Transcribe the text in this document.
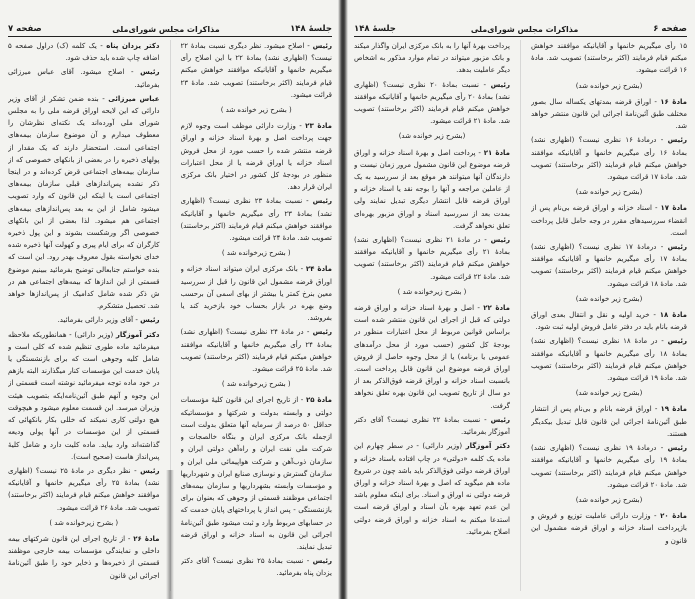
جلسهٔ ۱۴۸
مذاکرات مجلس شورای‌ملی
صفحه ۷

رئیس - اصلاح میشود. نظر دیگری نسبت بمادهٔ ۲۲ نیست؟ (اظهاری نشد) بمادهٔ ۲۲ با این اصلاح رأی میگیریم خانمها و آقایانیکه موافقند خواهش میکنم قیام فرمایند (اکثر برخاستند) تصویب شد. مادهٔ ۲۳ قرائت میشود.

( بشرح زیر خوانده شد )

مادهٔ ۲۳ - وزارت دارائی موظف است وجوه لازم جهت پرداخت اصل و بهرهٔ اسناد خزانه و اوراق قرضه منتشر شده را حسب مورد از محل فروش اسناد خزانه یا اوراق قرضه یا از محل اعتبارات منظور در بودجهٔ کل کشور در اختیار بانک مرکزی ایران قرار دهد.

رئیس - نسبت بمادهٔ ۲۳ نظری نیست؟ (اظهاری نشد) بمادهٔ ۲۳ رأی میگیریم خانمها و آقایانیکه موافقند خواهش میکنم قیام فرمایند (اکثر برخاستند) تصویب شد. مادهٔ ۲۴ قرائت میشود.

( بشرح زیرخوانده شد )

مادهٔ ۲۴ - بانک مرکزی ایران میتواند اسناد خزانه و اوراق قرضه مشمول این قانون را قبل از سررسید معین بنرخ کمتر یا بیشتر از بهای اسمی آن برحسب وضع بهره در بازار بحساب خود بازخرید کند یا بفروشد.

رئیس - در مادهٔ ۲۴ نظری نیست؟ (اظهاری نشد) بمادهٔ ۲۴ رأی میگیریم خانمها و آقایانیکه موافقند خواهش میکنم قیام فرمایند (اکثر برخاستند) تصویب شد. مادهٔ ۲۵ قرائت میشود.

( بشرح زیرخوانده شد )

مادهٔ ۲۵ - از تاریخ اجرای این قانون کلیهٔ مؤسسات دولتی و وابسته بدولت و شرکتها و مؤسساتیکه حداقل ۵۰ درصد از سرمایه آنها متعلق بدولت است ازجمله بانک مرکزی ایران و بنگاه خالصجات و شرکت ملی نفت ایران و راه‌آهن دولتی ایران و سازمان ذوب‌آهن و شرکت هواپیمائی ملی ایران و سازمان گسترش و نوسازی صنایع ایران و شهرداریها و مؤسسات وابسته بشهرداریها و سازمان بیمه‌های اجتماعی موظفند قسمتی از وجوهی که بعنوان برای بازنشستگی - پس انداز یا پرداختهای پایان خدمت که در حسابهای مربوط وارد و ثبت میشود طبق آئین‌نامهٔ اجرائی این قانون به اسناد خزانه و اوراق قرضه تبدیل نمایند.

رئیس - نسبت بمادهٔ ۲۵ نظری نیست؟ آقای دکتر یزدان پناه بفرمائید.

دکتر یزدان پناه - یک کلمه (ک) دراول صفحه ۵ اضافه چاپ شده باید حذف شود.

رئیس - اصلاح میشود. آقای عباس میرزائی بفرمائید.

عباس میرزائی - بنده ضمن تشکر از آقای وزیر دارائی که این لایحه اوراق قرضه ملی را به مجلس شورای ملی آورده‌اند یک نکته‌ای نظرشان را معطوف میدارم و آن موضوع سازمان بیمه‌های اجتماعی است. استحضار دارند که یک مقدار از پولهای ذخیره را در بعضی از بانکهای خصوصی که از سازمان بیمه‌های اجتماعی قرض کرده‌اند و در اینجا ذکر نشده پس‌اندازهای قبلی سازمان بیمه‌های اجتماعی است یا اینکه این قانون که وارد تصویب میشود شامل از این به بعد پس‌اندازهای بیمه‌های اجتماعی هم میشود. لذا بعضی از این بانکهای خصوصی اگر ورشکست بشوند و این پول ذخیره کارگران که برای ایام پیری و کهولت آنها ذخیره شده خدای نخواسته بقول معروف بهدر رود. این است که بنده خواستم جنابعالی توضیح بفرمائید ببینیم موضوع قسمتی از این اندازها که بیمه‌های اجتماعی هم در ش ذکر شده شامل کدامیک از پس‌اندازها خواهد شد. تحصیل متشکرم.

رئیس - آقای وزیر دارائی بفرمائید.

دکتر آموزگار (وزیر دارائی) - همانطوریکه ملاحظه میفرمائید ماده طوری تنظیم شده که کلی است و شامل کلیه وجوهی است که برای بازنشستگی یا پایان خدمت این مؤسسات کنار میگذارند البته بازهم در خود ماده توجه میفرمائید نوشته است قسمتی از این وجوه و آنهم طبق آئین‌نامه‌ایکه بتصویب هیئت وزیران میرسد. این قسمت معلوم میشود و هیچوقت هیچ دولتی کاری نمیکند که خللی بکار بانکهائی که قسمتی از این مؤسسات در آنها پولی ودیعه گذاشته‌اند وارد بیاید. ماده کلیت دارد و شامل کلیهٔ پس‌انداز هاست (صحیح است).

رئیس - نظر دیگری در مادهٔ ۲۵ نیست؟ (اظهاری نشد) بمادهٔ ۲۵ رأی میگیریم خانمها و آقایانیکه موافقند خواهش میکنم قیام فرمایند (اکثر برخاستند) تصویب شد. مادهٔ ۲۶ قرائت میشود.

( بشرح زیرخوانده شد )

مادهٔ ۲۶ - از تاریخ اجرای این قانون شرکتهای بیمه داخلی و نمایندگی مؤسسات بیمه خارجی موظفند قسمتی از ذخیره‌ها و ذخایر خود را طبق آئین‌نامهٔ اجرائی این قانون

صفحه ۶
مذاکرات مجلس شورای‌ملی
جلسهٔ ۱۴۸

۱۵ رأی میگیریم خانمها و آقایانیکه موافقند خواهش میکنم قیام فرمایند (اکثر برخاستند) تصویب شد. مادهٔ ۱۶ قرائت میشود.

(بشرح زیر خوانده شد)

مادهٔ ۱۶ - اوراق قرضه بمدتهای یکساله سال بصور مختلف طبق آئین‌نامهٔ اجرائی این قانون منتشر خواهد شد.

رئیس - درمادهٔ ۱۶ نظری نیست؟ (اظهاری نشد) بمادهٔ ۱۶ رأی میگیریم خانمها و آقایانیکه موافقند خواهش میکنم قیام فرمایند (اکثر برخاستند) تصویب شد. مادهٔ ۱۷ قرائت میشود.

(بشرح زیر خوانده شد)

مادهٔ ۱۷ - اسناد خزانه و اوراق قرضه بی‌نام پس از انقضاء سررسیدهای مقرر در وجه حامل قابل پرداخت است.

رئیس - درمادهٔ ۱۷ نظری نیست؟ (اظهاری نشد) بمادهٔ ۱۷ رأی میگیریم خانمها و آقایانیکه موافقند خواهش میکنم قیام فرمایند (اکثر برخاستند) تصویب شد. مادهٔ ۱۸ قرائت میشود.

(بشرح زیر خوانده شد)

مادهٔ ۱۸ - خرید اولیه و نقل و انتقال بعدی اوراق قرضه بانام باید در دفتر عامل فروش اولیه ثبت شود.

رئیس - در مادهٔ ۱۸ نظری نیست؟ (اظهاری نشد) بمادهٔ ۱۸ رأی میگیریم خانمها و آقایانیکه موافقند خواهش میکنم قیام فرمایند (اکثر برخاستند) تصویب شد. مادهٔ ۱۹ قرائت میشود.

(بشرح زیر خوانده شد)

مادهٔ ۱۹ - اوراق قرضه بانام و بی‌نام پس از انتشار طبق آئین‌نامهٔ اجرائی این قانون قابل تبدیل بیکدیگر هستند.

رئیس - درمادهٔ ۱۹ نظری نیست؟ (اظهاری نشد) بمادهٔ ۱۹ رأی میگیریم خانمها و آقایانیکه موافقند خواهش میکنم قیام فرمایند (اکثر برخاستند) تصویب شد. مادهٔ ۲۰ قرائت میشود.

(بشرح زیر خوانده شد)

مادهٔ ۲۰ - وزارت دارائی عاملیت توزیع و فروش و بازپرداخت اسناد خزانه و اوراق قرضه مشمول این قانون و

پرداخت بهرهٔ آنها را به بانک مرکزی ایران واگذار میکند و بانک مزبور میتواند در تمام موارد مذکور به اشخاص دیگر عاملیت بدهد.

رئیس - نسبت بمادهٔ ۲۰ نظری نیست؟ (اظهاری نشد) بمادهٔ ۲۰ رأی میگیریم خانمها و آقایانیکه موافقند خواهش میکنم قیام فرمایند (اکثر برخاستند) تصویب شد. مادهٔ ۲۱ قرائت میشود.

(بشرح زیر خوانده شد)

مادهٔ ۲۱ - پرداخت اصل و بهرهٔ اسناد خزانه و اوراق قرضه موضوع این قانون مشمول مرور زمان نیست و دارندگان آنها میتوانند هر موقع بعد از سررسید به یک از عاملین مراجعه و آنها را بوجه نقد یا اسناد خزانه و اوراق قرضه قابل انتشار دیگری تبدیل نمایند ولی بمدت بعد از سررسید اسناد و اوراق مزبور بهره‌ای تعلق نخواهد گرفت.

رئیس - در مادهٔ ۲۱ نظری نیست؟ (اظهاری نشد) بمادهٔ ۲۱ رأی میگیریم خانمها و آقایانیکه موافقند خواهش میکنم قیام فرمایند (اکثر برخاستند) تصویب شد. مادهٔ ۲۲ قرائت میشود.

( بشرح زیرخوانده شد )

مادهٔ ۲۲ - اصل و بهرهٔ اسناد خزانه و اوراق قرضه دولتی که قبل از اجرای این قانون منتشر شده است براساس قوانین مربوط از محل اعتبارات منظور در بودجهٔ کل کشور (حسب مورد از محل درآمدهای عمومی یا برنامه) یا از محل وجوه حاصل از فروش اوراق قرضه موضوع این قانون قابل پرداخت است. بانسبت اسناد خزانه و اوراق قرضه فوق‌الذکر بعد از دو سال از تاریخ تصویب این قانون بهره تعلق نخواهد گرفت.

رئیس - نسبت بمادهٔ ۲۲ نظری نیست؟ آقای دکتر آموزگار بفرمائید.

دکتر آموزگار (وزیر دارائی) - در سطر چهارم این ماده یک کلمه «دولتی» در چاپ افتاده باسناد خزانه و اوراق قرضه دولتی فوق‌الذکر باید باشد چون در شروع ماده هم میگوید که اصل و بهرهٔ اسناد خزانه و اوراق قرضه دولتی نه اوراق و اسناد. برای اینکه معلوم باشد این عدم تعهد بهره بآن اسناد و اوراق قرضه است استدعا میکنم به اسناد خزانه و اوراق قرضه دولتی اصلاح بفرمائید.
